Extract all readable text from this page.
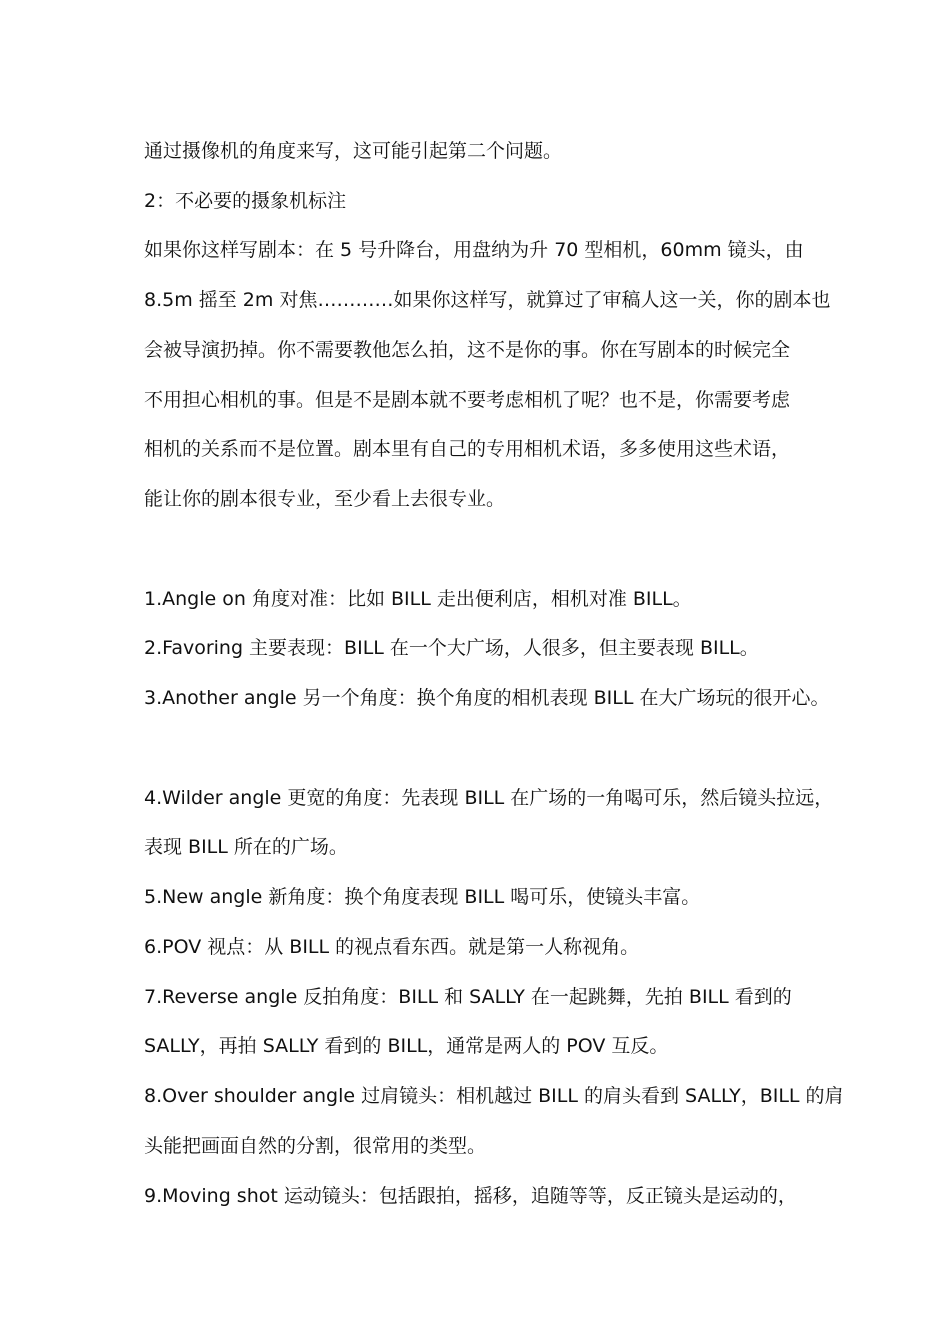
通过摄像机的角度来写，这可能引起第二个问题。
2：不必要的摄象机标注
如果你这样写剧本：在 5 号升降台，用盘纳为升 70 型相机，60mm 镜头，由
8.5m 摇至 2m 对焦…………如果你这样写，就算过了审稿人这一关，你的剧本也
会被导演扔掉。你不需要教他怎么拍，这不是你的事。你在写剧本的时候完全
不用担心相机的事。但是不是剧本就不要考虑相机了呢？也不是，你需要考虑
相机的关系而不是位置。剧本里有自己的专用相机术语，多多使用这些术语，
能让你的剧本很专业，至少看上去很专业。
1.Angle on 角度对准：比如 BILL 走出便利店，相机对准 BILL。
2.Favoring 主要表现：BILL 在一个大广场，人很多，但主要表现 BILL。
3.Another angle 另一个角度：换个角度的相机表现 BILL 在大广场玩的很开心。
4.Wilder angle 更宽的角度：先表现 BILL 在广场的一角喝可乐，然后镜头拉远，
表现 BILL 所在的广场。
5.New angle 新角度：换个角度表现 BILL 喝可乐，使镜头丰富。
6.POV 视点：从 BILL 的视点看东西。就是第一人称视角。
7.Reverse angle 反拍角度：BILL 和 SALLY 在一起跳舞，先拍 BILL 看到的
SALLY，再拍 SALLY 看到的 BILL，通常是两人的 POV 互反。
8.Over shoulder angle 过肩镜头：相机越过 BILL 的肩头看到 SALLY，BILL 的肩
头能把画面自然的分割，很常用的类型。
9.Moving shot 运动镜头：包括跟拍，摇移，追随等等，反正镜头是运动的，
